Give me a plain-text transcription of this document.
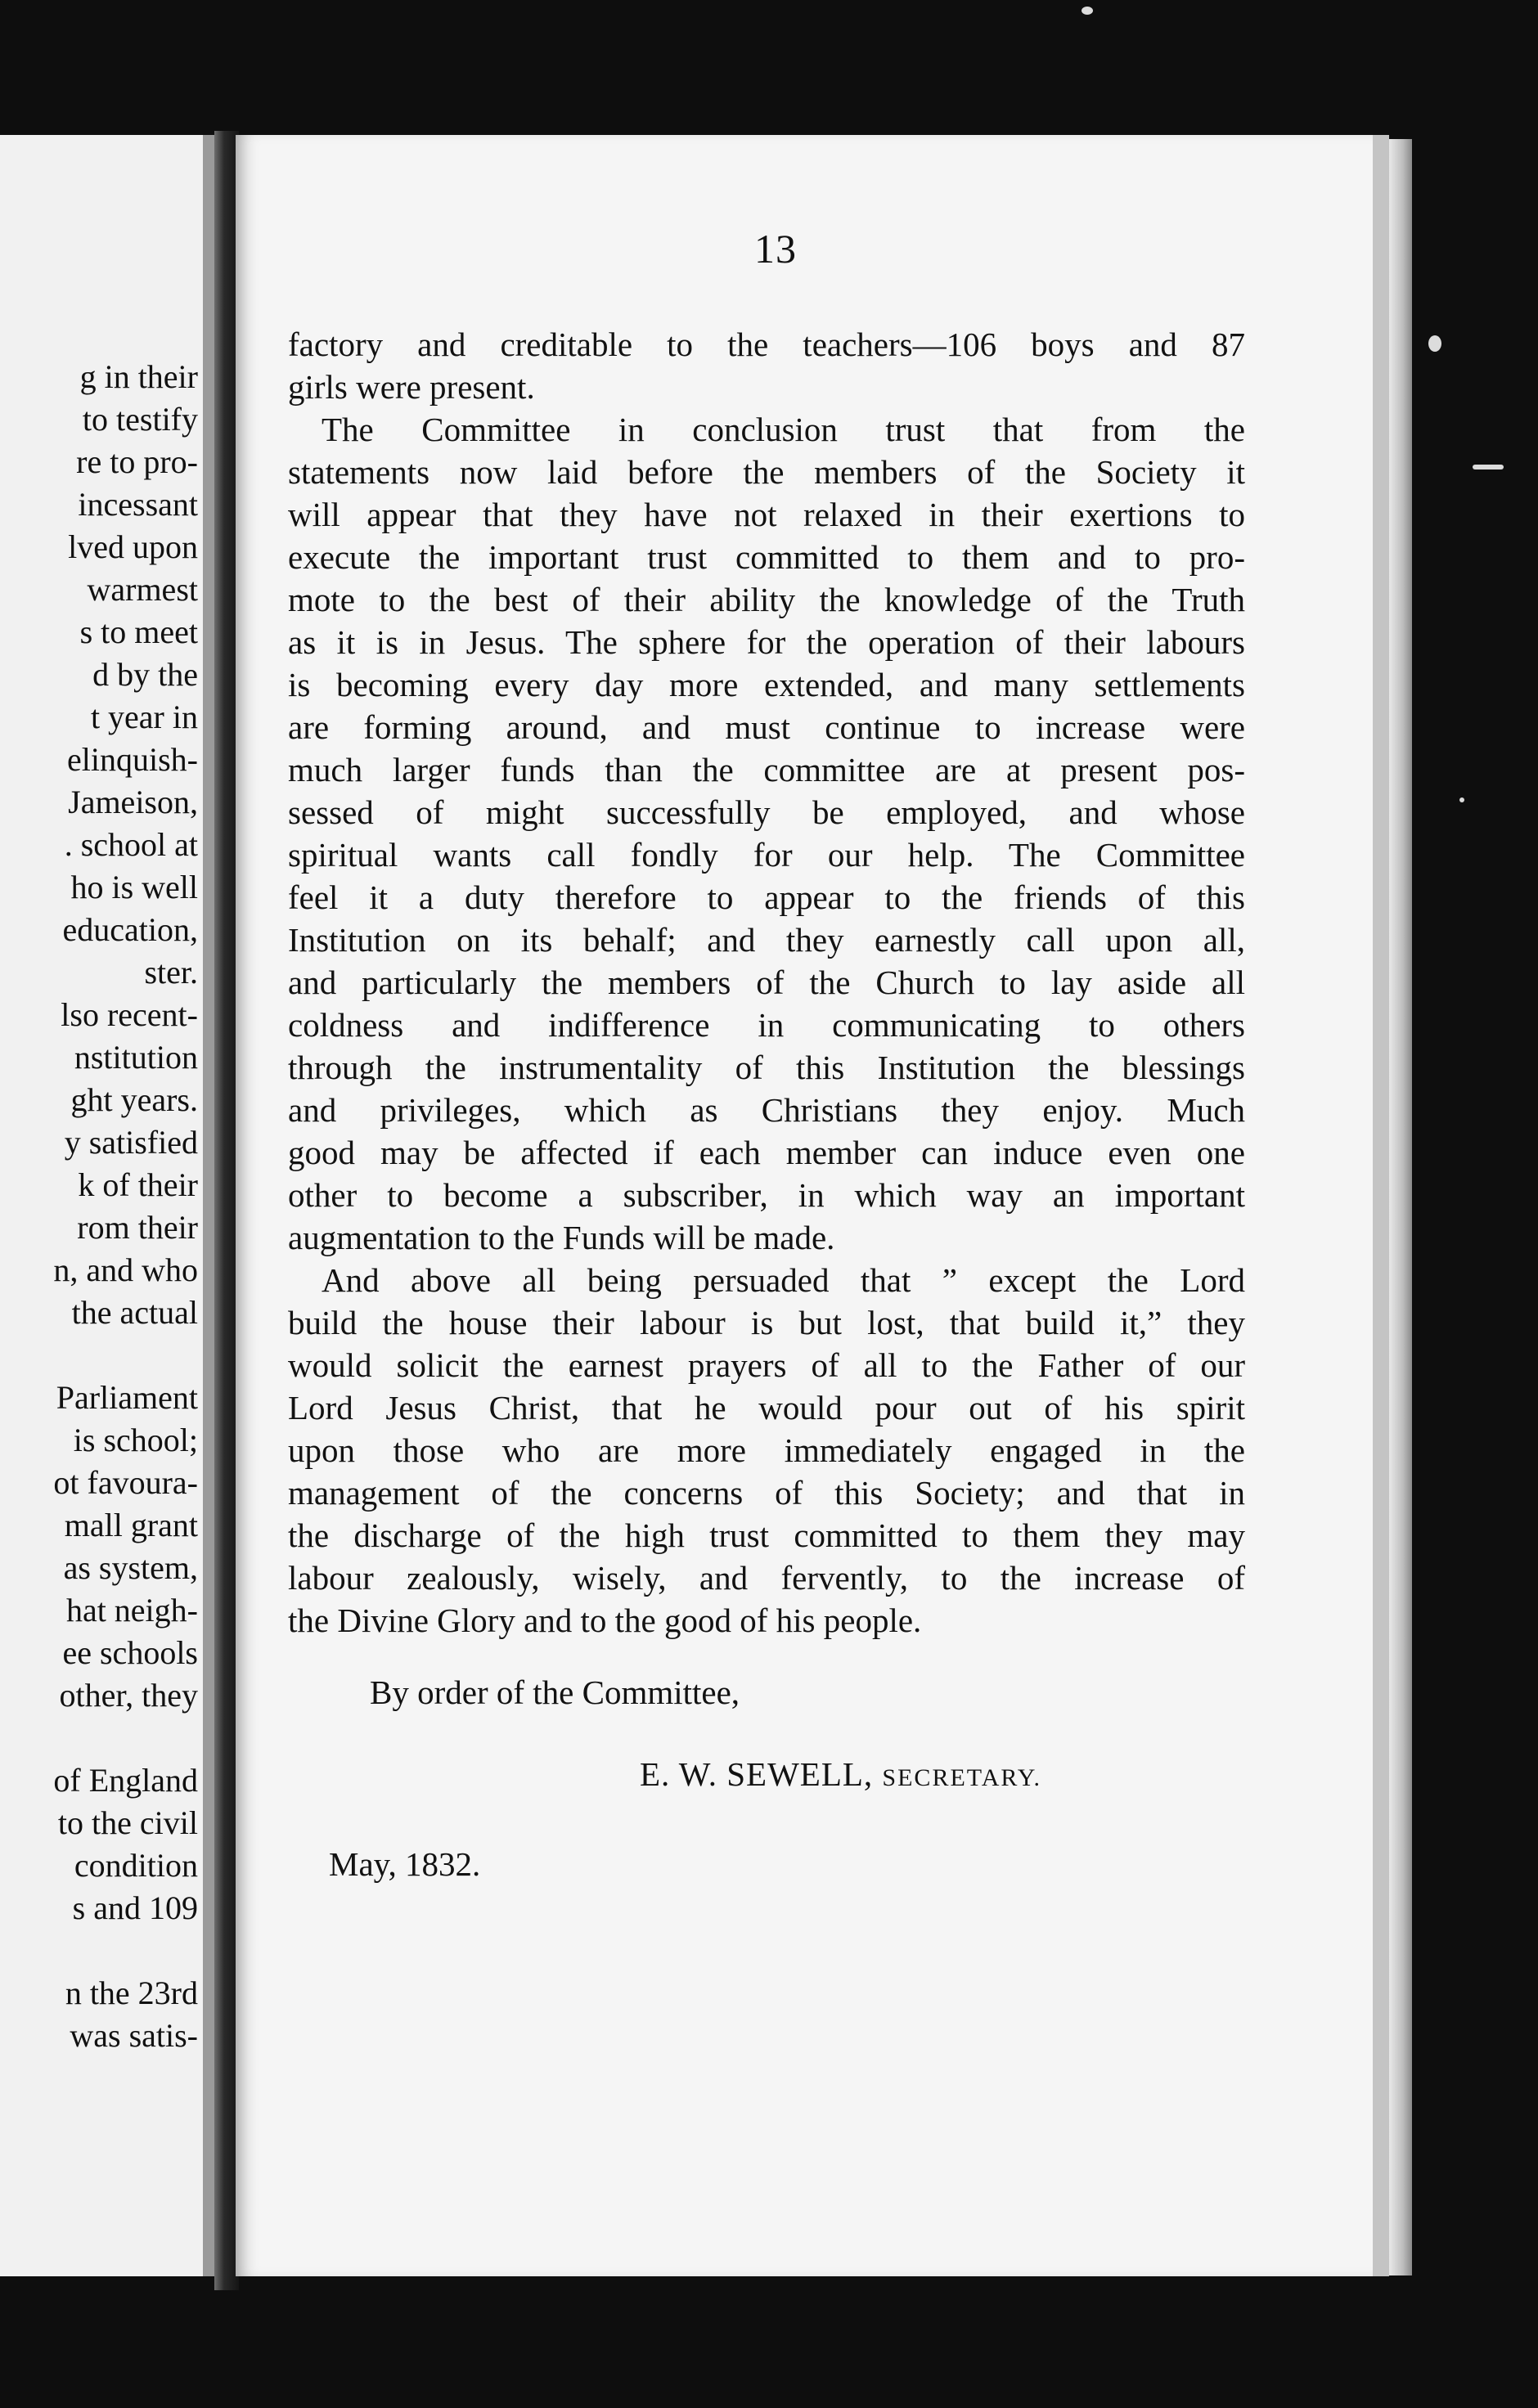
g in their
to testify
re to pro-
incessant
lved upon
warmest
s to meet
d by the
t year in
elinquish-
Jameison,
. school at
ho is well
education,
ster.
lso recent-
nstitution
ght years.
y satisfied
k of their
rom their
n, and who
the actual
Parliament
is school;
ot favoura-
mall grant
as system,
hat neigh-
ee schools
other, they
of England
to the civil
condition
s and 109
n the 23rd
was satis-
13
factory and creditable to the teachers—106 boys and 87
girls were present.
 The Committee in conclusion trust that from the
statements now laid before the members of the Society it
will appear that they have not relaxed in their exertions to
execute the important trust committed to them and to pro-
mote to the best of their ability the knowledge of the Truth
as it is in Jesus. The sphere for the operation of their labours
is becoming every day more extended, and many settlements
are forming around, and must continue to increase were
much larger funds than the committee are at present pos-
sessed of might successfully be employed, and whose
spiritual wants call fondly for our help. The Committee
feel it a duty therefore to appear to the friends of this
Institution on its behalf; and they earnestly call upon all,
and particularly the members of the Church to lay aside all
coldness and indifference in communicating to others
through the instrumentality of this Institution the blessings
and privileges, which as Christians they enjoy. Much
good may be affected if each member can induce even one
other to become a subscriber, in which way an important
augmentation to the Funds will be made.
 And above all being persuaded that ” except the Lord
build the house their labour is but lost, that build it,” they
would solicit the earnest prayers of all to the Father of our
Lord Jesus Christ, that he would pour out of his spirit
upon those who are more immediately engaged in the
management of the concerns of this Society; and that in
the discharge of the high trust committed to them they may
labour zealously, wisely, and fervently, to the increase of
the Divine Glory and to the good of his people.
By order of the Committee,
E. W. SEWELL, SECRETARY.
May, 1832.
